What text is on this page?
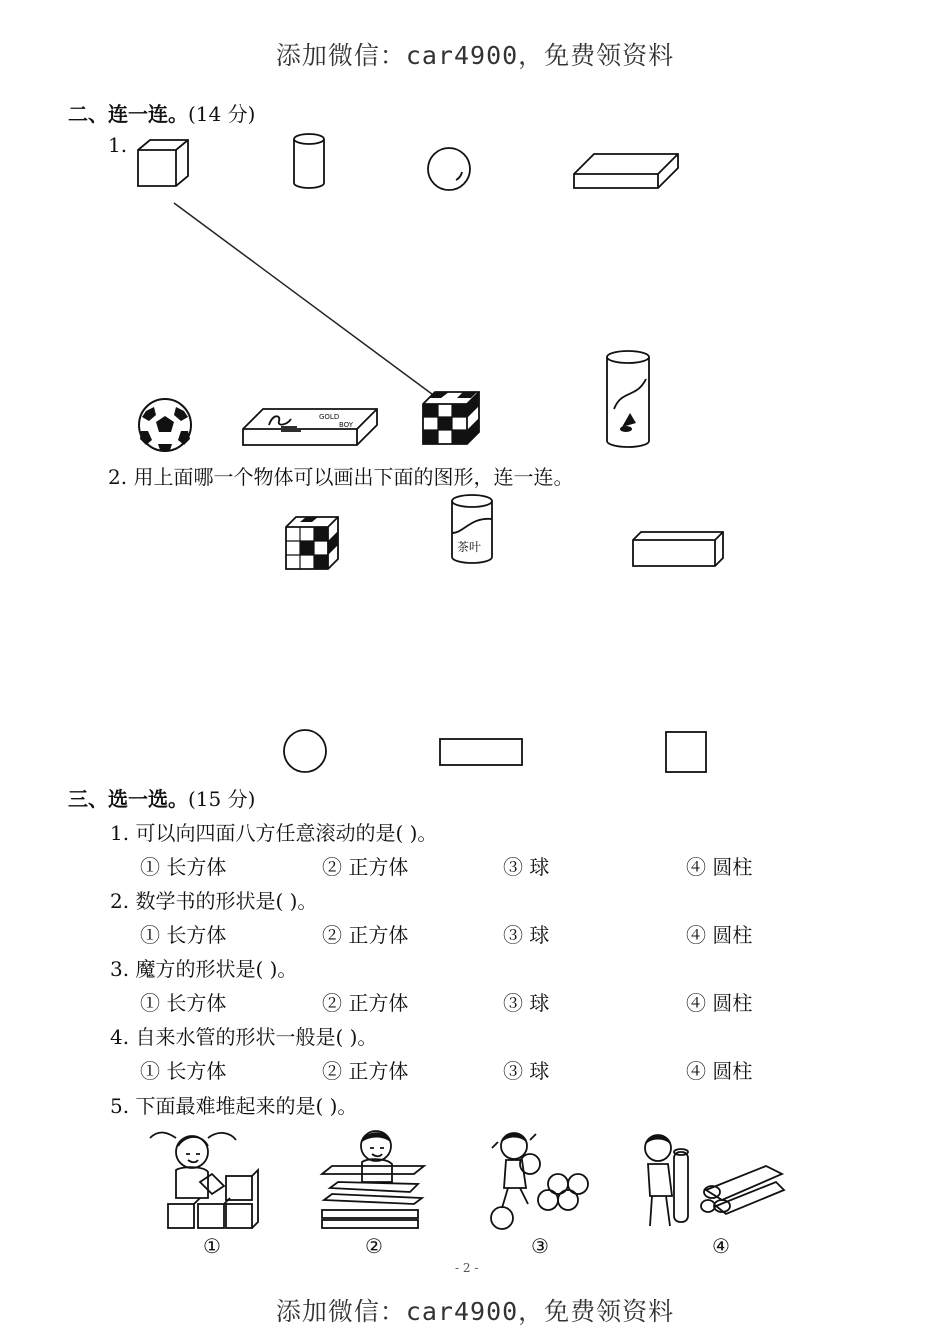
添加微信：car4900，免费领资料
添加微信：car4900，免费领资料
二、连一连。(14 分)
1.
GOLD
BOY
2. 用上面哪一个物体可以画出下面的图形，连一连。
茶叶
三、选一选。(15 分)
1. 可以向四面八方任意滚动的是( )。
① 长方体	② 正方体	③ 球	④ 圆柱
2. 数学书的形状是( )。
① 长方体	② 正方体	③ 球	④ 圆柱
3. 魔方的形状是( )。
① 长方体	② 正方体	③ 球	④ 圆柱
4. 自来水管的形状一般是( )。
① 长方体	② 正方体	③ 球	④ 圆柱
5. 下面最难堆起来的是( )。
①	②	③	④
- 2 -
